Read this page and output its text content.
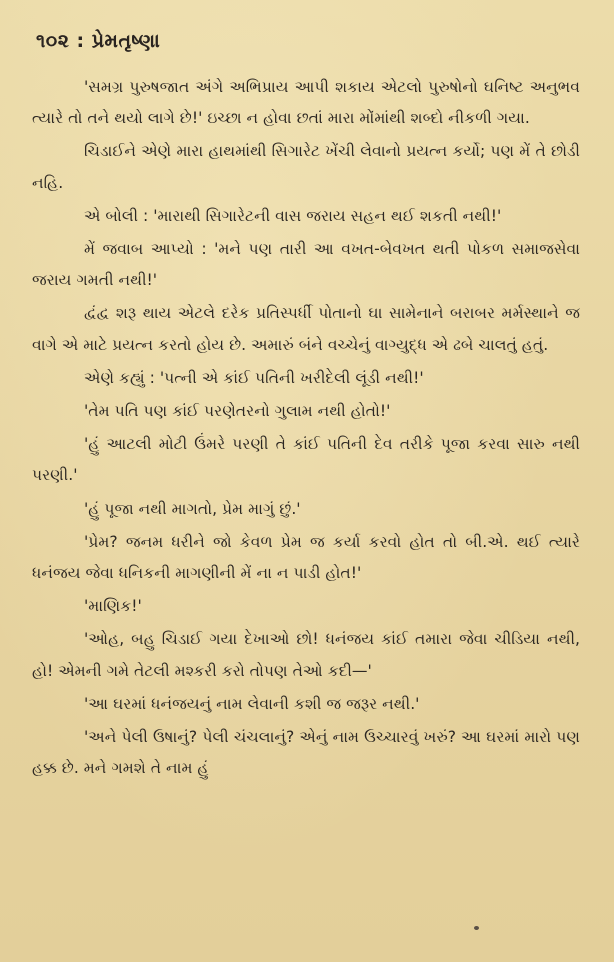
૧૦૨ : પ્રેમતૃષ્ણા

'સમગ્ર પુરુષજાત અંગે અભિપ્રાય આપી શકાય એટલો પુરુષોનો ઘનિષ્ટ અનુભવ ત્યારે તો તને થયો લાગે છે!' ઇચ્છા ન હોવા છતાં મારા મોંમાંથી શબ્દો નીકળી ગયા.

ચિડાઈને એણે મારા હાથમાંથી સિગારેટ ખેંચી લેવાનો પ્રયત્ન કર્યો; પણ મેં તે છોડી નહિ.

એ બોલી : 'મારાથી સિગારેટની વાસ જરાય સહન થઈ શકતી નથી!'

મેં જવાબ આપ્યો : 'મને પણ તારી આ વખત-બેવખત થતી પોકળ સમાજસેવા જરાય ગમતી નથી!'

દ્વંદ્વ શરૂ થાય એટલે દરેક પ્રતિસ્પર્ધી પોતાનો ઘા સામેનાને બરાબર મર્મસ્થાને જ વાગે એ માટે પ્રયત્ન કરતો હોય છે. અમારું બંને વચ્ચેનું વાગ્યુદ્ધ એ ઢબે ચાલતું હતું.

એણે કહ્યું : 'પત્ની એ કાંઈ પતિની ખરીદેલી લૂંડી નથી!'

'તેમ પતિ પણ કાંઈ પરણેતરનો ગુલામ નથી હોતો!'

'હું આટલી મોટી ઉંમરે પરણી તે કાંઈ પતિની દેવ તરીકે પૂજા કરવા સારુ નથી પરણી.'

'હું પૂજા નથી માગતો, પ્રેમ માગું છું.'

'પ્રેમ? જનમ ધરીને જો કેવળ પ્રેમ જ કર્યા કરવો હોત તો બી.એ. થઈ ત્યારે ધનંજય જેવા ધનિકની માગણીની મેં ના ન પાડી હોત!'

'માણિક!'

'ઓહ, બહુ ચિડાઈ ગયા દેખાઓ છો! ધનંજય કાંઈ તમારા જેવા ચીડિયા નથી, હો! એમની ગમે તેટલી મશ્કરી કરો તોપણ તેઓ કદી—'

'આ ઘરમાં ધનંજયનું નામ લેવાની કશી જ જરૂર નથી.'

'અને પેલી ઉષાનું? પેલી ચંચલાનું? એનું નામ ઉચ્ચારવું ખરું? આ ઘરમાં મારો પણ હક્ક છે. મને ગમશે તે નામ હું
